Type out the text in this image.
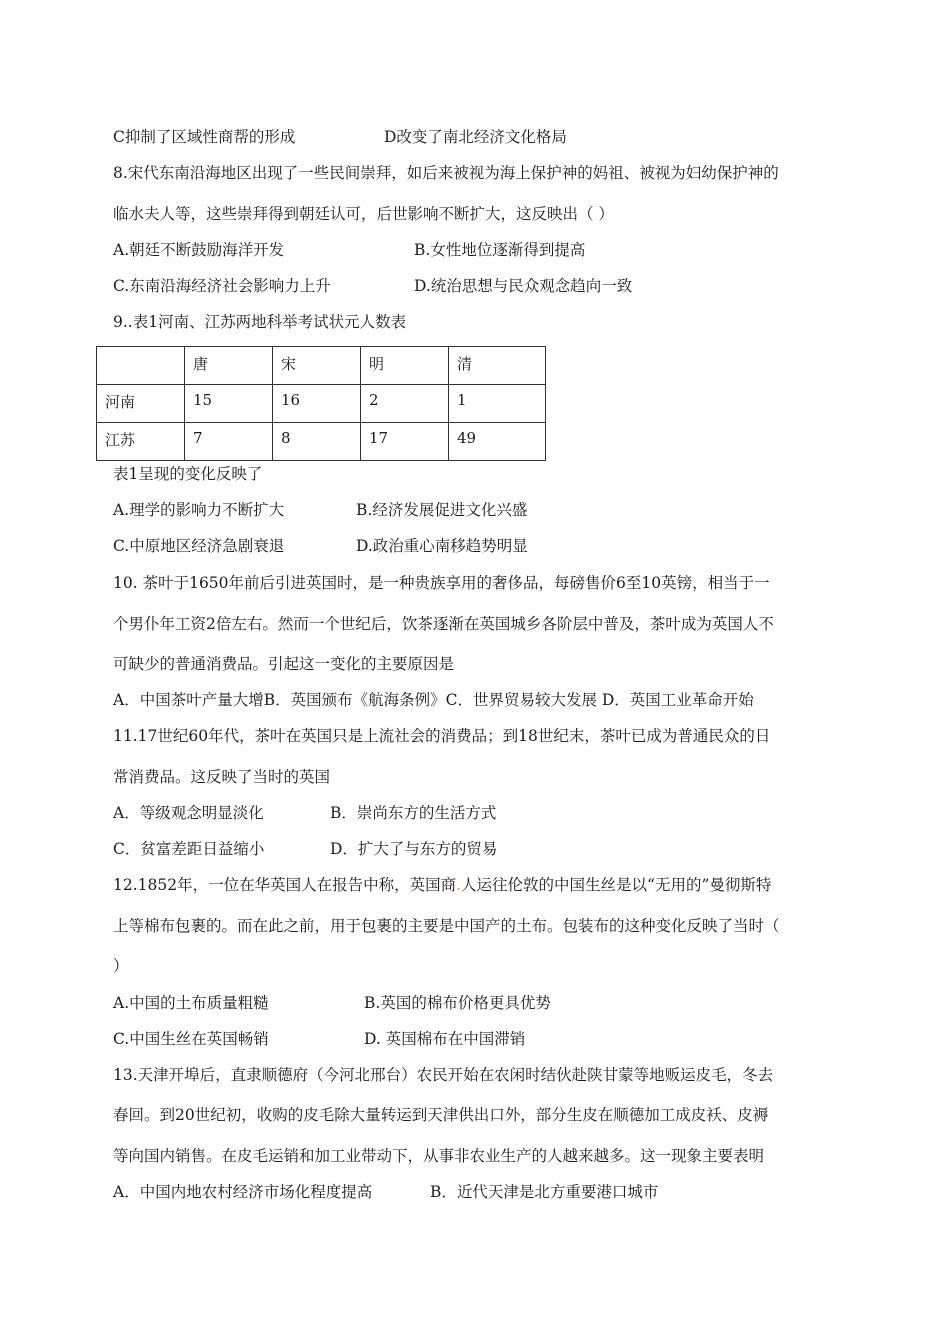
C抑制了区域性商帮的形成	D改变了南北经济文化格局
8.宋代东南沿海地区出现了一些民间崇拜，如后来被视为海上保护神的妈祖、被视为妇幼保护神的
临水夫人等，这些崇拜得到朝廷认可，后世影响不断扩大，这反映出（ ）
A.朝廷不断鼓励海洋开发	B.女性地位逐渐得到提高
C.东南沿海经济社会影响力上升	D.统治思想与民众观念趋向一致
9..表1河南、江苏两地科举考试状元人数表
	唐	宋	明	清
河南	15	16	2	1
江苏	7	8	17	49
表1呈现的变化反映了
A.理学的影响力不断扩大	B.经济发展促进文化兴盛
C.中原地区经济急剧衰退	D.政治重心南移趋势明显
10. 茶叶于1650年前后引进英国时，是一种贵族享用的奢侈品，每磅售价6至10英镑，相当于一
个男仆年工资2倍左右。然而一个世纪后，饮茶逐渐在英国城乡各阶层中普及，茶叶成为英国人不
可缺少的普通消费品。引起这一变化的主要原因是
A．中国茶叶产量大增B．英国颁布《航海条例》C．世界贸易较大发展 D．英国工业革命开始
11.17世纪60年代，茶叶在英国只是上流社会的消费品；到18世纪末，茶叶已成为普通民众的日
常消费品。这反映了当时的英国
A．等级观念明显淡化	B．崇尚东方的生活方式
C．贫富差距日益缩小	D．扩大了与东方的贸易
12.1852年，一位在华英国人在报告中称，英国商.人运往伦敦的中国生丝是以“无用的”曼彻斯特
上等棉布包裹的。而在此之前，用于包裹的主要是中国产的土布。包装布的这种变化反映了当时（
）
A.中国的土布质量粗糙	B.英国的棉布价格更具优势
C.中国生丝在英国畅销	D. 英国棉布在中国滞销
13.天津开埠后，直隶顺德府（今河北邢台）农民开始在农闲时结伙赴陕甘蒙等地贩运皮毛，冬去
春回。到20世纪初，收购的皮毛除大量转运到天津供出口外，部分生皮在顺德加工成皮袄、皮褥
等向国内销售。在皮毛运销和加工业带动下，从事非农业生产的人越来越多。这一现象主要表明
A．中国内地农村经济市场化程度提高	B．近代天津是北方重要港口城市
